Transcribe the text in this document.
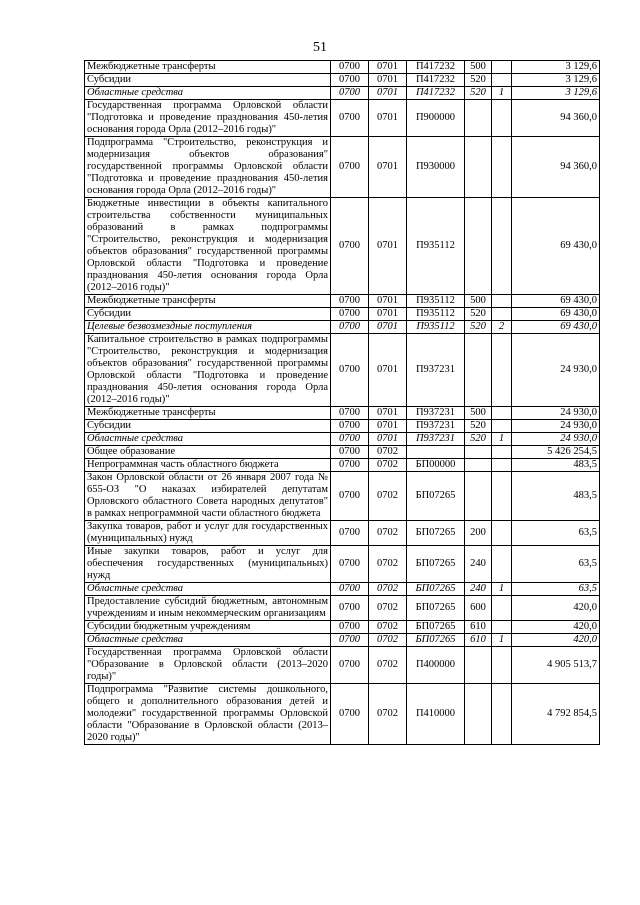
51
Межбюджетные трансферты	0700	0701	П417232	500		3 129,6
Субсидии	0700	0701	П417232	520		3 129,6
Областные средства	0700	0701	П417232	520	1	3 129,6
Государственная программа Орловской области "Подготовка и проведение празднования 450-летия основания города Орла (2012–2016 годы)"	0700	0701	П900000			94 360,0
Подпрограмма "Строительство, реконструкция и модернизация объектов образования" государственной программы Орловской области "Подготовка и проведение празднования 450-летия основания города Орла (2012–2016 годы)"	0700	0701	П930000			94 360,0
Бюджетные инвестиции в объекты капитального строительства собственности муниципальных образований в рамках подпрограммы "Строительство, реконструкция и модернизация объектов образования" государственной программы Орловской области "Подготовка и проведение празднования 450-летия основания города Орла (2012–2016 годы)"	0700	0701	П935112			69 430,0
Межбюджетные трансферты	0700	0701	П935112	500		69 430,0
Субсидии	0700	0701	П935112	520		69 430,0
Целевые безвозмездные поступления	0700	0701	П935112	520	2	69 430,0
Капитальное строительство в рамках подпрограммы "Строительство, реконструкция и модернизация объектов образования" государственной программы Орловской области "Подготовка и проведение празднования 450-летия основания города Орла (2012–2016 годы)"	0700	0701	П937231			24 930,0
Межбюджетные трансферты	0700	0701	П937231	500		24 930,0
Субсидии	0700	0701	П937231	520		24 930,0
Областные средства	0700	0701	П937231	520	1	24 930,0
Общее образование	0700	0702				5 426 254,5
Непрограммная часть областного бюджета	0700	0702	БП00000			483,5
Закон Орловской области от 26 января 2007 года № 655-ОЗ "О наказах избирателей депутатам Орловского областного Совета народных депутатов" в рамках непрограммной части областного бюджета	0700	0702	БП07265			483,5
Закупка товаров, работ и услуг для государственных (муниципальных) нужд	0700	0702	БП07265	200		63,5
Иные закупки товаров, работ и услуг для обеспечения государственных (муниципальных) нужд	0700	0702	БП07265	240		63,5
Областные средства	0700	0702	БП07265	240	1	63,5
Предоставление субсидий бюджетным, автономным учреждениям и иным некоммерческим организациям	0700	0702	БП07265	600		420,0
Субсидии бюджетным учреждениям	0700	0702	БП07265	610		420,0
Областные средства	0700	0702	БП07265	610	1	420,0
Государственная программа Орловской области "Образование в Орловской области (2013–2020 годы)"	0700	0702	П400000			4 905 513,7
Подпрограмма "Развитие системы дошкольного, общего и дополнительного образования детей и молодежи" государственной программы Орловской области "Образование в Орловской области (2013–2020 годы)"	0700	0702	П410000			4 792 854,5
